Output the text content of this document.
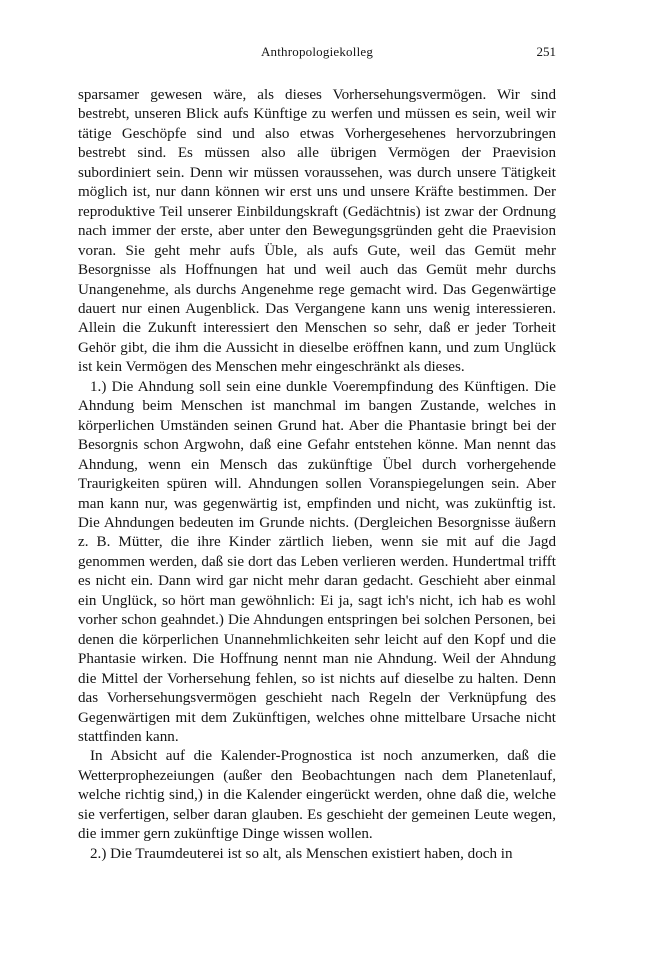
Anthropologiekolleg	251

sparsamer gewesen wäre, als dieses Vorhersehungsvermögen. Wir sind bestrebt, unseren Blick aufs Künftige zu werfen und müssen es sein, weil wir tätige Geschöpfe sind und also etwas Vorhergesehenes hervorzubringen bestrebt sind. Es müssen also alle übrigen Vermögen der Praevision subordiniert sein. Denn wir müssen voraussehen, was durch unsere Tätigkeit möglich ist, nur dann können wir erst uns und unsere Kräfte bestimmen. Der reproduktive Teil unserer Einbildungskraft (Gedächtnis) ist zwar der Ordnung nach immer der erste, aber unter den Bewegungsgründen geht die Praevision voran. Sie geht mehr aufs Üble, als aufs Gute, weil das Gemüt mehr Besorgnisse als Hoffnungen hat und weil auch das Gemüt mehr durchs Unangenehme, als durchs Angenehme rege gemacht wird. Das Gegenwärtige dauert nur einen Augenblick. Das Vergangene kann uns wenig interessieren. Allein die Zukunft interessiert den Menschen so sehr, daß er jeder Torheit Gehör gibt, die ihm die Aussicht in dieselbe eröffnen kann, und zum Unglück ist kein Vermögen des Menschen mehr eingeschränkt als dieses.

1.) Die Ahndung soll sein eine dunkle Voerempfindung des Künftigen. Die Ahndung beim Menschen ist manchmal im bangen Zustande, welches in körperlichen Umständen seinen Grund hat. Aber die Phantasie bringt bei der Besorgnis schon Argwohn, daß eine Gefahr entstehen könne. Man nennt das Ahndung, wenn ein Mensch das zukünftige Übel durch vorhergehende Traurigkeiten spüren will. Ahndungen sollen Voranspiegelungen sein. Aber man kann nur, was gegenwärtig ist, empfinden und nicht, was zukünftig ist. Die Ahndungen bedeuten im Grunde nichts. (Dergleichen Besorgnisse äußern z. B. Mütter, die ihre Kinder zärtlich lieben, wenn sie mit auf die Jagd genommen werden, daß sie dort das Leben verlieren werden. Hundertmal trifft es nicht ein. Dann wird gar nicht mehr daran gedacht. Geschieht aber einmal ein Unglück, so hört man gewöhnlich: Ei ja, sagt ich's nicht, ich hab es wohl vorher schon geahndet.) Die Ahndungen entspringen bei solchen Personen, bei denen die körperlichen Unannehmlichkeiten sehr leicht auf den Kopf und die Phantasie wirken. Die Hoffnung nennt man nie Ahndung. Weil der Ahndung die Mittel der Vorhersehung fehlen, so ist nichts auf dieselbe zu halten. Denn das Vorhersehungsvermögen geschieht nach Regeln der Verknüpfung des Gegenwärtigen mit dem Zukünftigen, welches ohne mittelbare Ursache nicht stattfinden kann.

In Absicht auf die Kalender-Prognostica ist noch anzumerken, daß die Wetterprophezeiungen (außer den Beobachtungen nach dem Planetenlauf, welche richtig sind,) in die Kalender eingerückt werden, ohne daß die, welche sie verfertigen, selber daran glauben. Es geschieht der gemeinen Leute wegen, die immer gern zukünftige Dinge wissen wollen.

2.) Die Traumdeuterei ist so alt, als Menschen existiert haben, doch in
